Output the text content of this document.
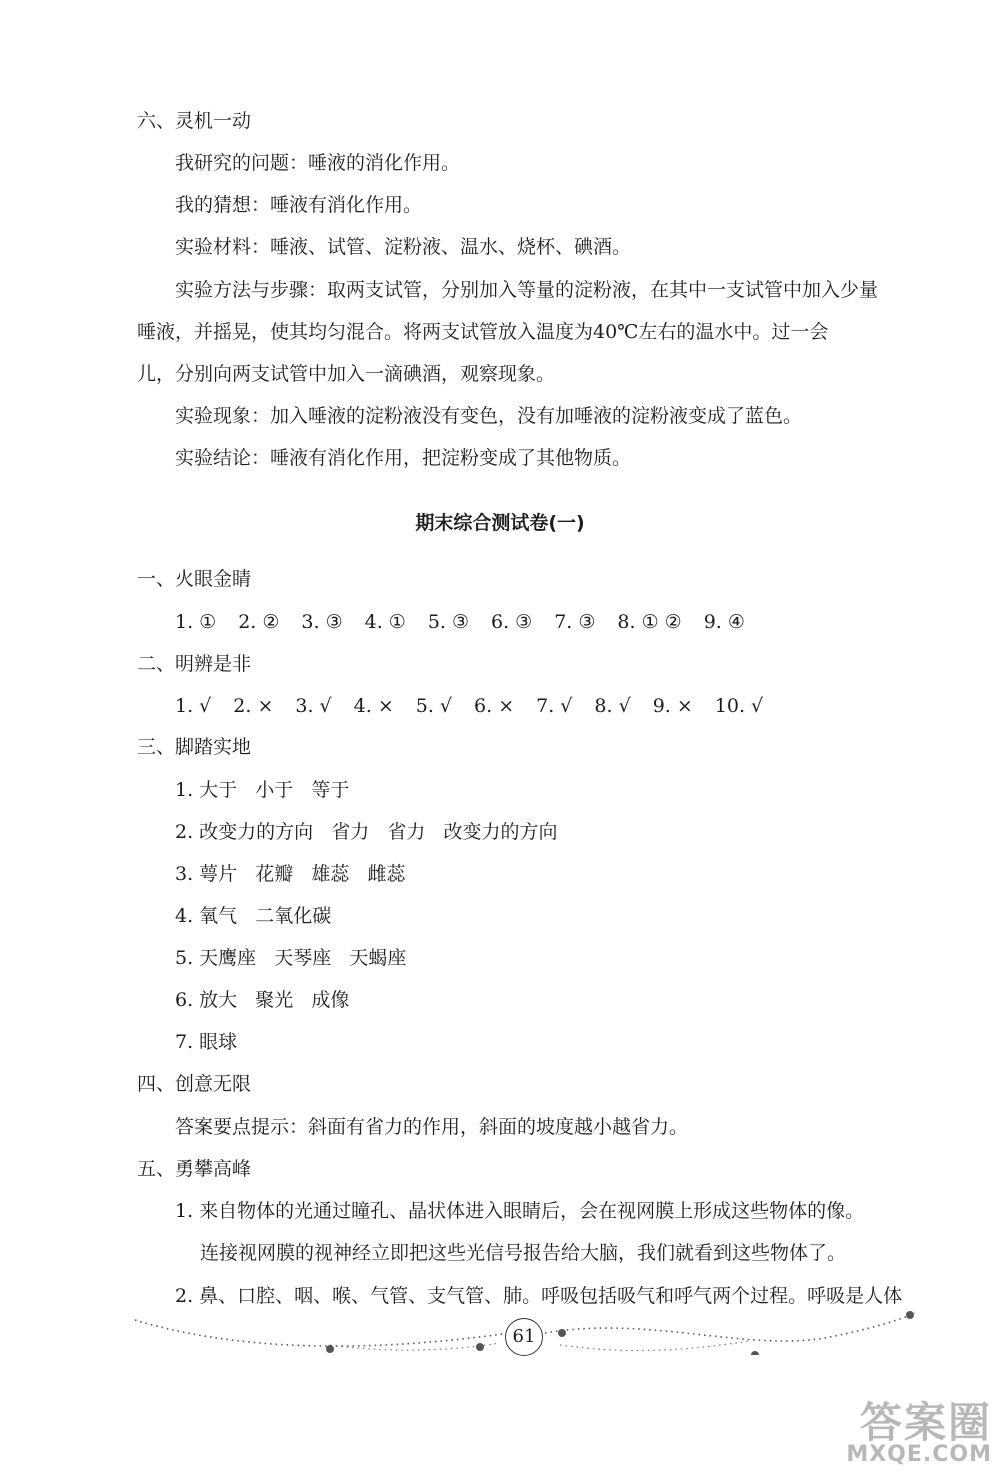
六、灵机一动
我研究的问题：唾液的消化作用。
我的猜想：唾液有消化作用。
实验材料：唾液、试管、淀粉液、温水、烧杯、碘酒。
实验方法与步骤：取两支试管，分别加入等量的淀粉液，在其中一支试管中加入少量
唾液，并摇晃，使其均匀混合。将两支试管放入温度为40℃左右的温水中。过一会
儿，分别向两支试管中加入一滴碘酒，观察现象。
实验现象：加入唾液的淀粉液没有变色，没有加唾液的淀粉液变成了蓝色。
实验结论：唾液有消化作用，把淀粉变成了其他物质。
期末综合测试卷(一)
一、火眼金睛
1. ① 2. ② 3. ③ 4. ① 5. ③ 6. ③ 7. ③ 8. ① ② 9. ④
二、明辨是非
1. √ 2. × 3. √ 4. × 5. √ 6. × 7. √ 8. √ 9. × 10. √
三、脚踏实地
1. 大于   小于   等于
2. 改变力的方向   省力   省力   改变力的方向
3. 萼片   花瓣   雄蕊   雌蕊
4. 氧气   二氧化碳
5. 天鹰座   天琴座   天蝎座
6. 放大   聚光   成像
7. 眼球
四、创意无限
答案要点提示：斜面有省力的作用，斜面的坡度越小越省力。
五、勇攀高峰
1. 来自物体的光通过瞳孔、晶状体进入眼睛后，会在视网膜上形成这些物体的像。
连接视网膜的视神经立即把这些光信号报告给大脑，我们就看到这些物体了。
2. 鼻、口腔、咽、喉、气管、支气管、肺。呼吸包括吸气和呼气两个过程。呼吸是人体
61
答案圈
MXQE.COM
